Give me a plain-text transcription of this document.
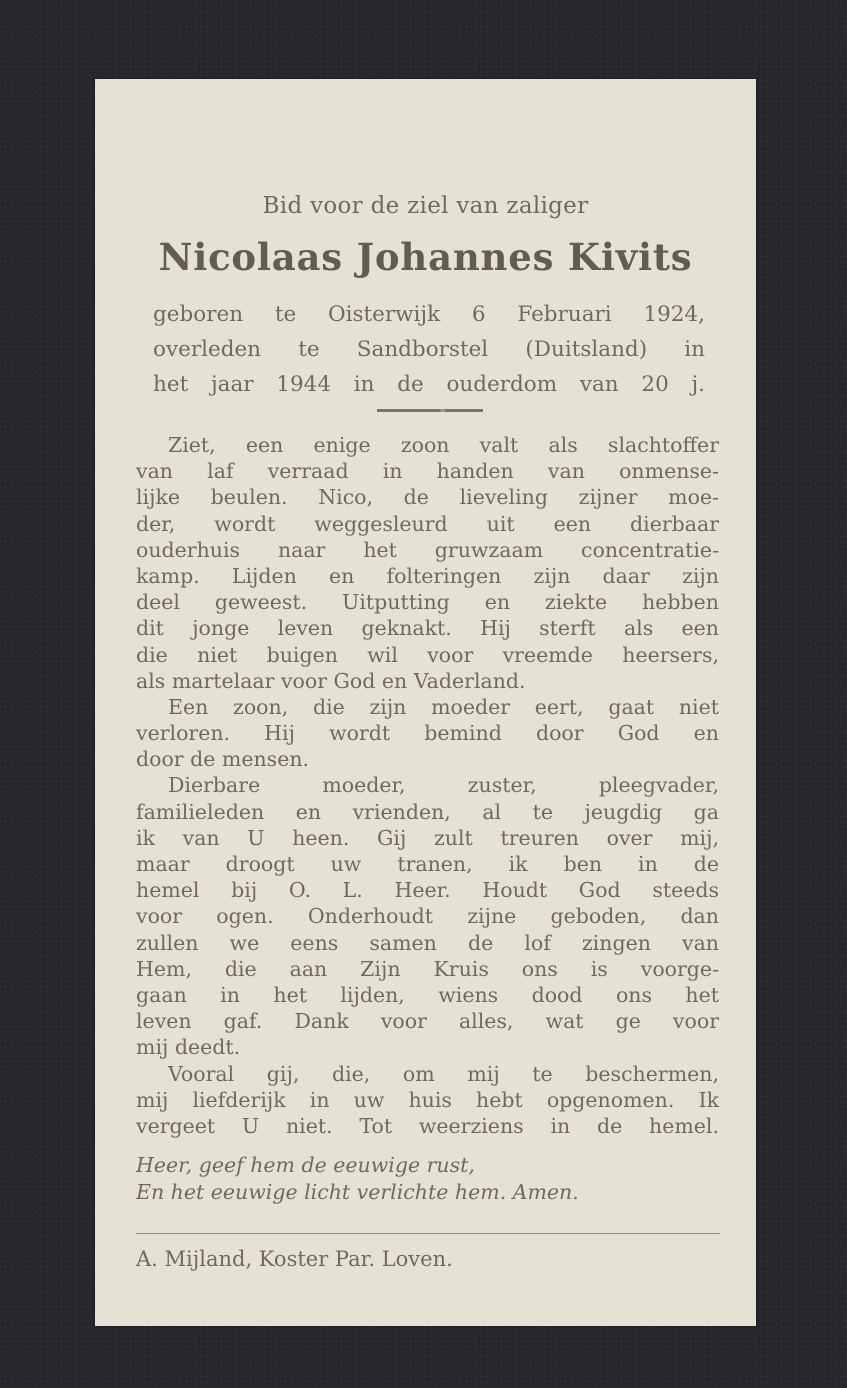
Bid voor de ziel van zaliger
Nicolaas Johannes Kivits
geboren te Oisterwijk 6 Februari 1924,
overleden te Sandborstel (Duitsland) in
het jaar 1944 in de ouderdom van 20 j.
Ziet, een enige zoon valt als slachtoffer
van laf verraad in handen van onmense-
lijke beulen. Nico, de lieveling zijner moe-
der, wordt weggesleurd uit een dierbaar
ouderhuis naar het gruwzaam concentratie-
kamp. Lijden en folteringen zijn daar zijn
deel geweest. Uitputting en ziekte hebben
dit jonge leven geknakt. Hij sterft als een
die niet buigen wil voor vreemde heersers,
als martelaar voor God en Vaderland.
Een zoon, die zijn moeder eert, gaat niet
verloren. Hij wordt bemind door God en
door de mensen.
Dierbare moeder, zuster, pleegvader,
familieleden en vrienden, al te jeugdig ga
ik van U heen. Gij zult treuren over mij,
maar droogt uw tranen, ik ben in de
hemel bij O. L. Heer. Houdt God steeds
voor ogen. Onderhoudt zijne geboden, dan
zullen we eens samen de lof zingen van
Hem, die aan Zijn Kruis ons is voorge-
gaan in het lijden, wiens dood ons het
leven gaf. Dank voor alles, wat ge voor
mij deedt.
Vooral gij, die, om mij te beschermen,
mij liefderijk in uw huis hebt opgenomen. Ik
vergeet U niet. Tot weerziens in de hemel.
Heer, geef hem de eeuwige rust,
En het eeuwige licht verlichte hem. Amen.
A. Mijland, Koster Par. Loven.
